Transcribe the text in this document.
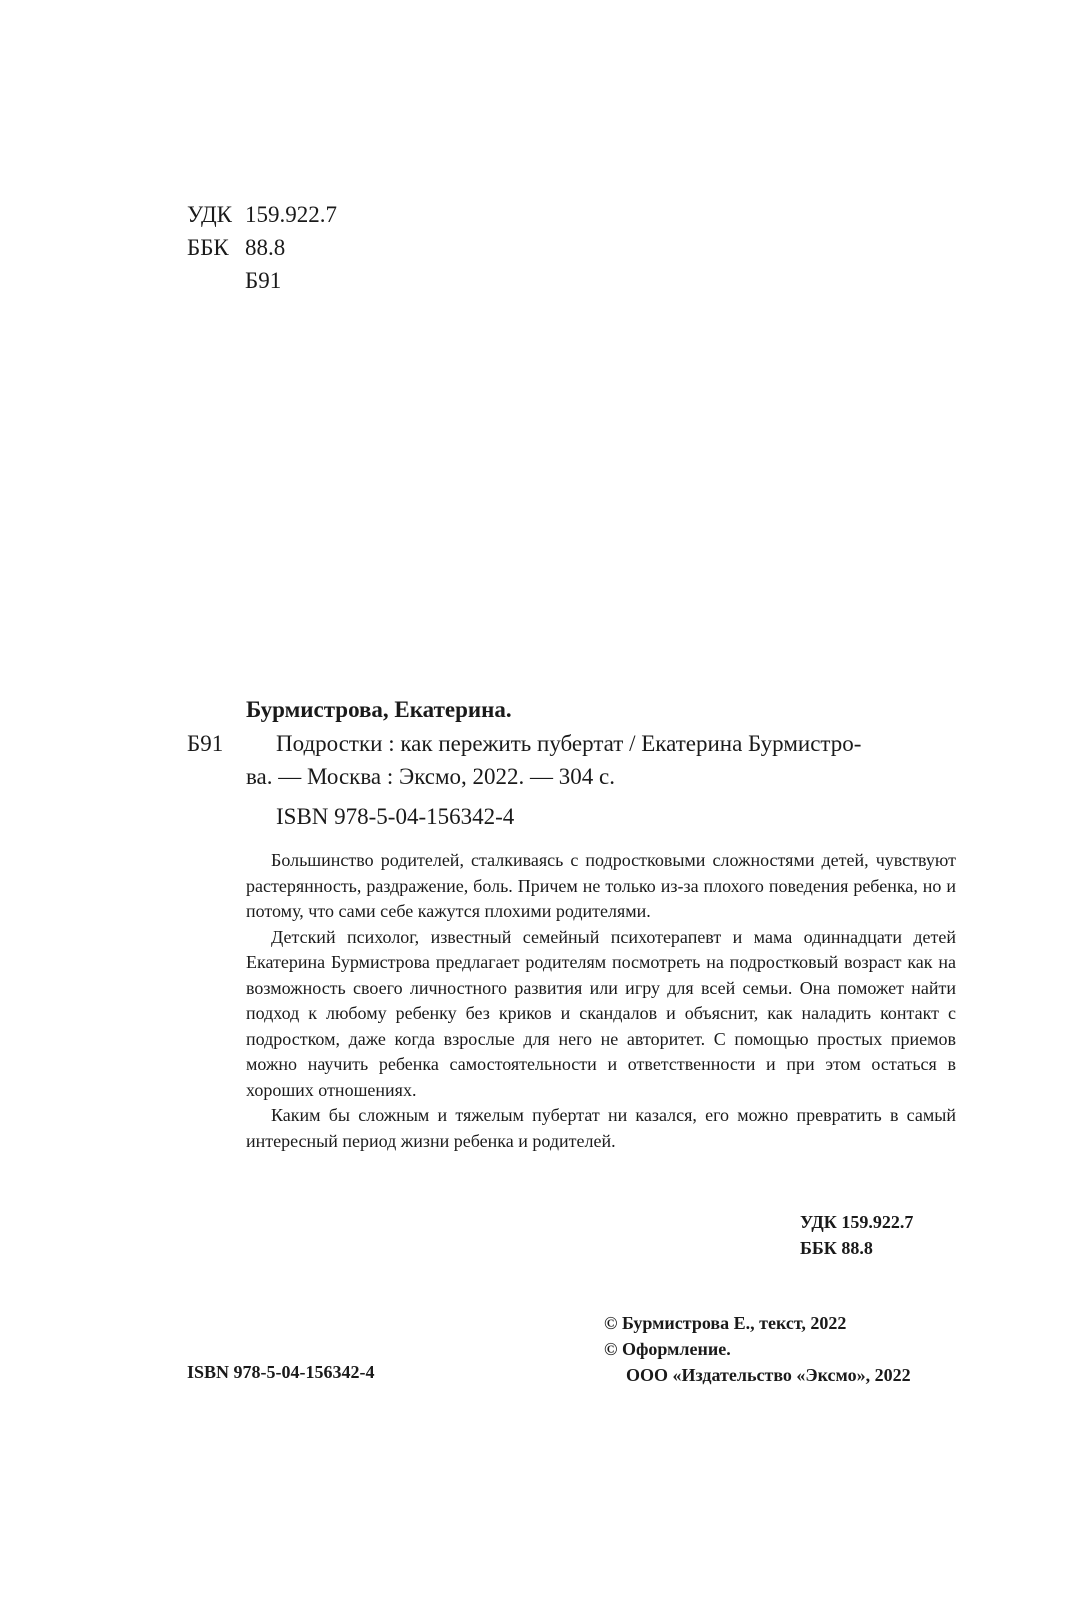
УДК 159.922.7
ББК 88.8
Б91
Бурмистрова, Екатерина.
Б91 Подростки : как пережить пубертат / Екатерина Бурмистро-
ва. — Москва : Эксмо, 2022. — 304 с.
ISBN 978-5-04-156342-4

Большинство родителей, сталкиваясь с подростковыми сложностями детей, чувствуют растерянность, раздражение, боль. Причем не только из-за плохого поведения ребенка, но и потому, что сами себе кажутся плохими родителями.

Детский психолог, известный семейный психотерапевт и мама одиннадцати детей Екатерина Бурмистрова предлагает родителям посмотреть на подростковый возраст как на возможность своего личностного развития или игру для всей семьи. Она поможет найти подход к любому ребенку без криков и скандалов и объяснит, как наладить контакт с подростком, даже когда взрослые для него не авторитет. С помощью простых приемов можно научить ребенка самостоятельности и ответственности и при этом остаться в хороших отношениях.

Каким бы сложным и тяжелым пубертат ни казался, его можно превратить в самый интересный период жизни ребенка и родителей.

УДК 159.922.7
ББК 88.8
© Бурмистрова Е., текст, 2022
© Оформление.
ООО «Издательство «Эксмо», 2022
ISBN 978-5-04-156342-4
